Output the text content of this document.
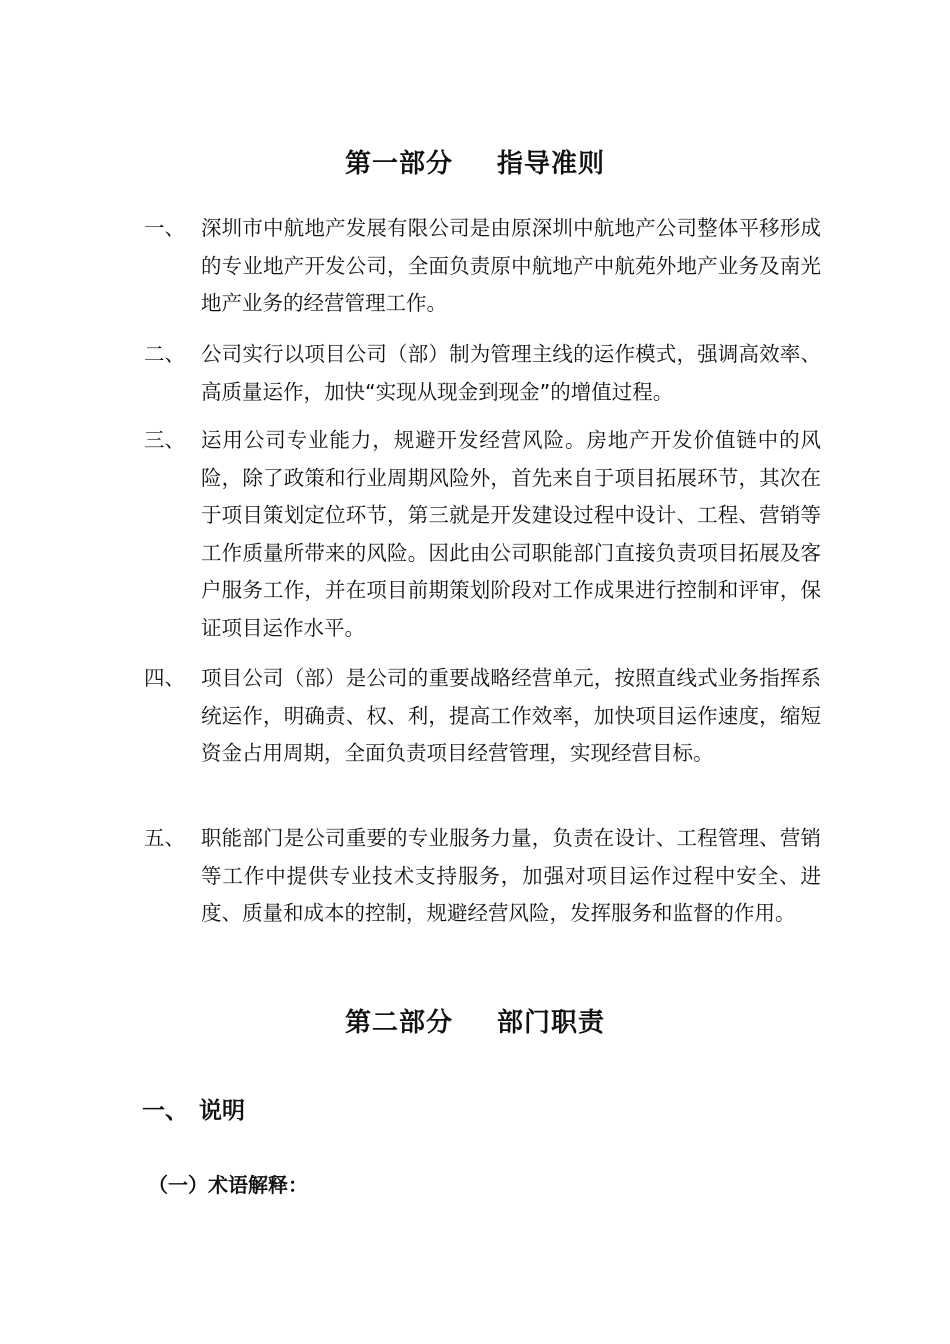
第一部分 指导准则
一、 深圳市中航地产发展有限公司是由原深圳中航地产公司整体平移形成的专业地产开发公司，全面负责原中航地产中航苑外地产业务及南光地产业务的经营管理工作。
二、 公司实行以项目公司（部）制为管理主线的运作模式，强调高效率、高质量运作，加快“实现从现金到现金”的增值过程。
三、 运用公司专业能力，规避开发经营风险。房地产开发价值链中的风险，除了政策和行业周期风险外，首先来自于项目拓展环节，其次在于项目策划定位环节，第三就是开发建设过程中设计、工程、营销等工作质量所带来的风险。因此由公司职能部门直接负责项目拓展及客户服务工作，并在项目前期策划阶段对工作成果进行控制和评审，保证项目运作水平。
四、 项目公司（部）是公司的重要战略经营单元，按照直线式业务指挥系统运作，明确责、权、利，提高工作效率，加快项目运作速度，缩短资金占用周期，全面负责项目经营管理，实现经营目标。
五、 职能部门是公司重要的专业服务力量，负责在设计、工程管理、营销等工作中提供专业技术支持服务，加强对项目运作过程中安全、进度、质量和成本的控制，规避经营风险，发挥服务和监督的作用。
第二部分 部门职责
一、 说明
（一）术语解释：
